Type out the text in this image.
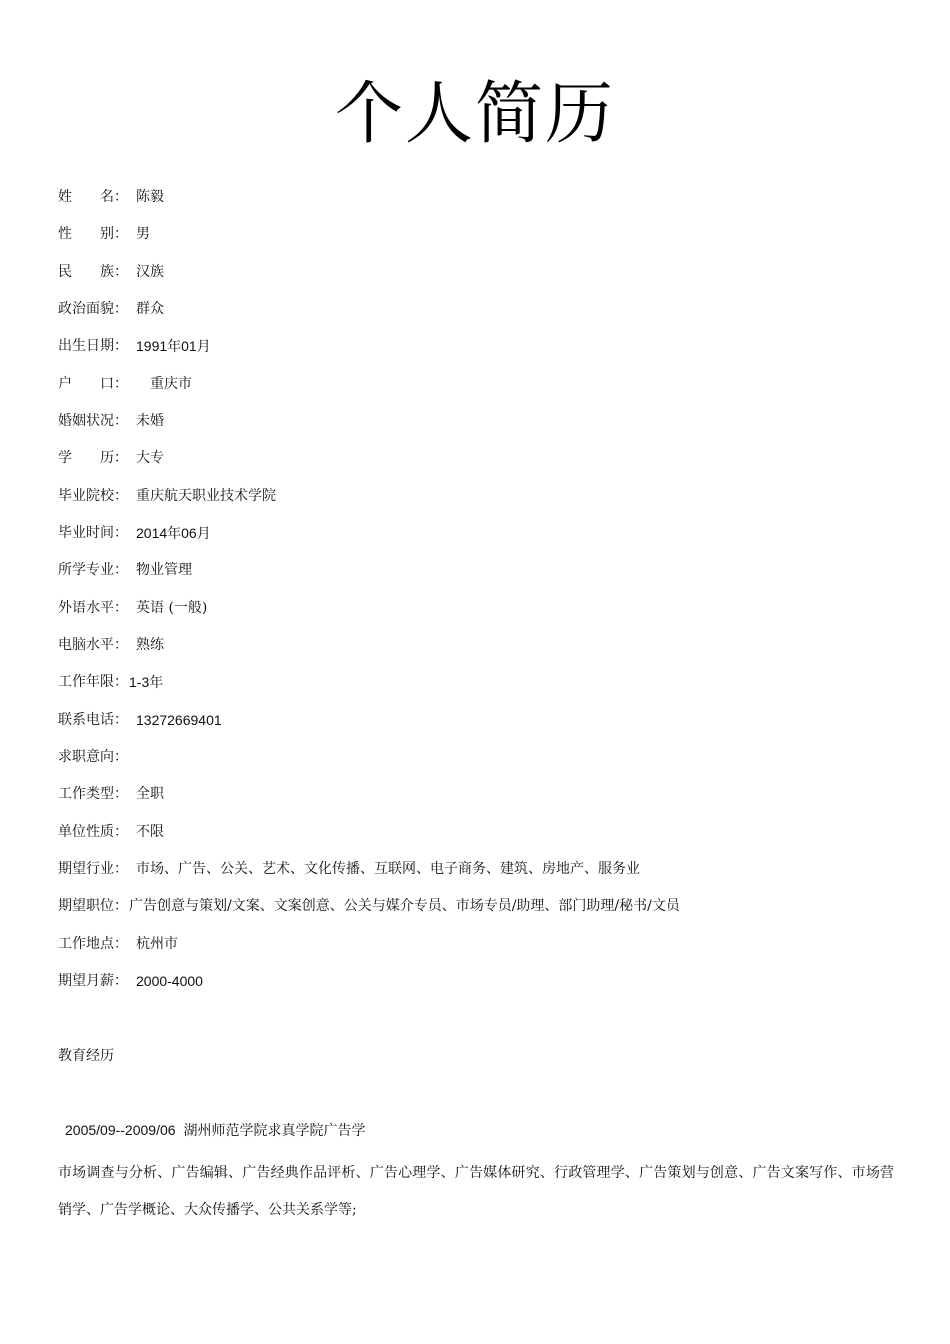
个人简历
姓　　名： 陈毅
性　　别： 男
民　　族： 汉族
政治面貌： 群众
出生日期： 1991年01月
户　　口： 重庆市
婚姻状况： 未婚
学　　历： 大专
毕业院校： 重庆航天职业技术学院
毕业时间： 2014年06月
所学专业： 物业管理
外语水平： 英语 (一般)
电脑水平： 熟练
工作年限：1-3年
联系电话： 13272669401
求职意向：
工作类型： 全职
单位性质： 不限
期望行业： 市场、广告、公关、艺术、文化传播、互联网、电子商务、建筑、房地产、服务业
期望职位：广告创意与策划/文案、文案创意、公关与媒介专员、市场专员/助理、部门助理/秘书/文员
工作地点： 杭州市
期望月薪： 2000-4000
教育经历
2005/09--2009/06 湖州师范学院求真学院广告学
市场调查与分析、广告编辑、广告经典作品评析、广告心理学、广告媒体研究、行政管理学、广告策划与创意、广告文案写作、市场营销学、广告学概论、大众传播学、公共关系学等;
